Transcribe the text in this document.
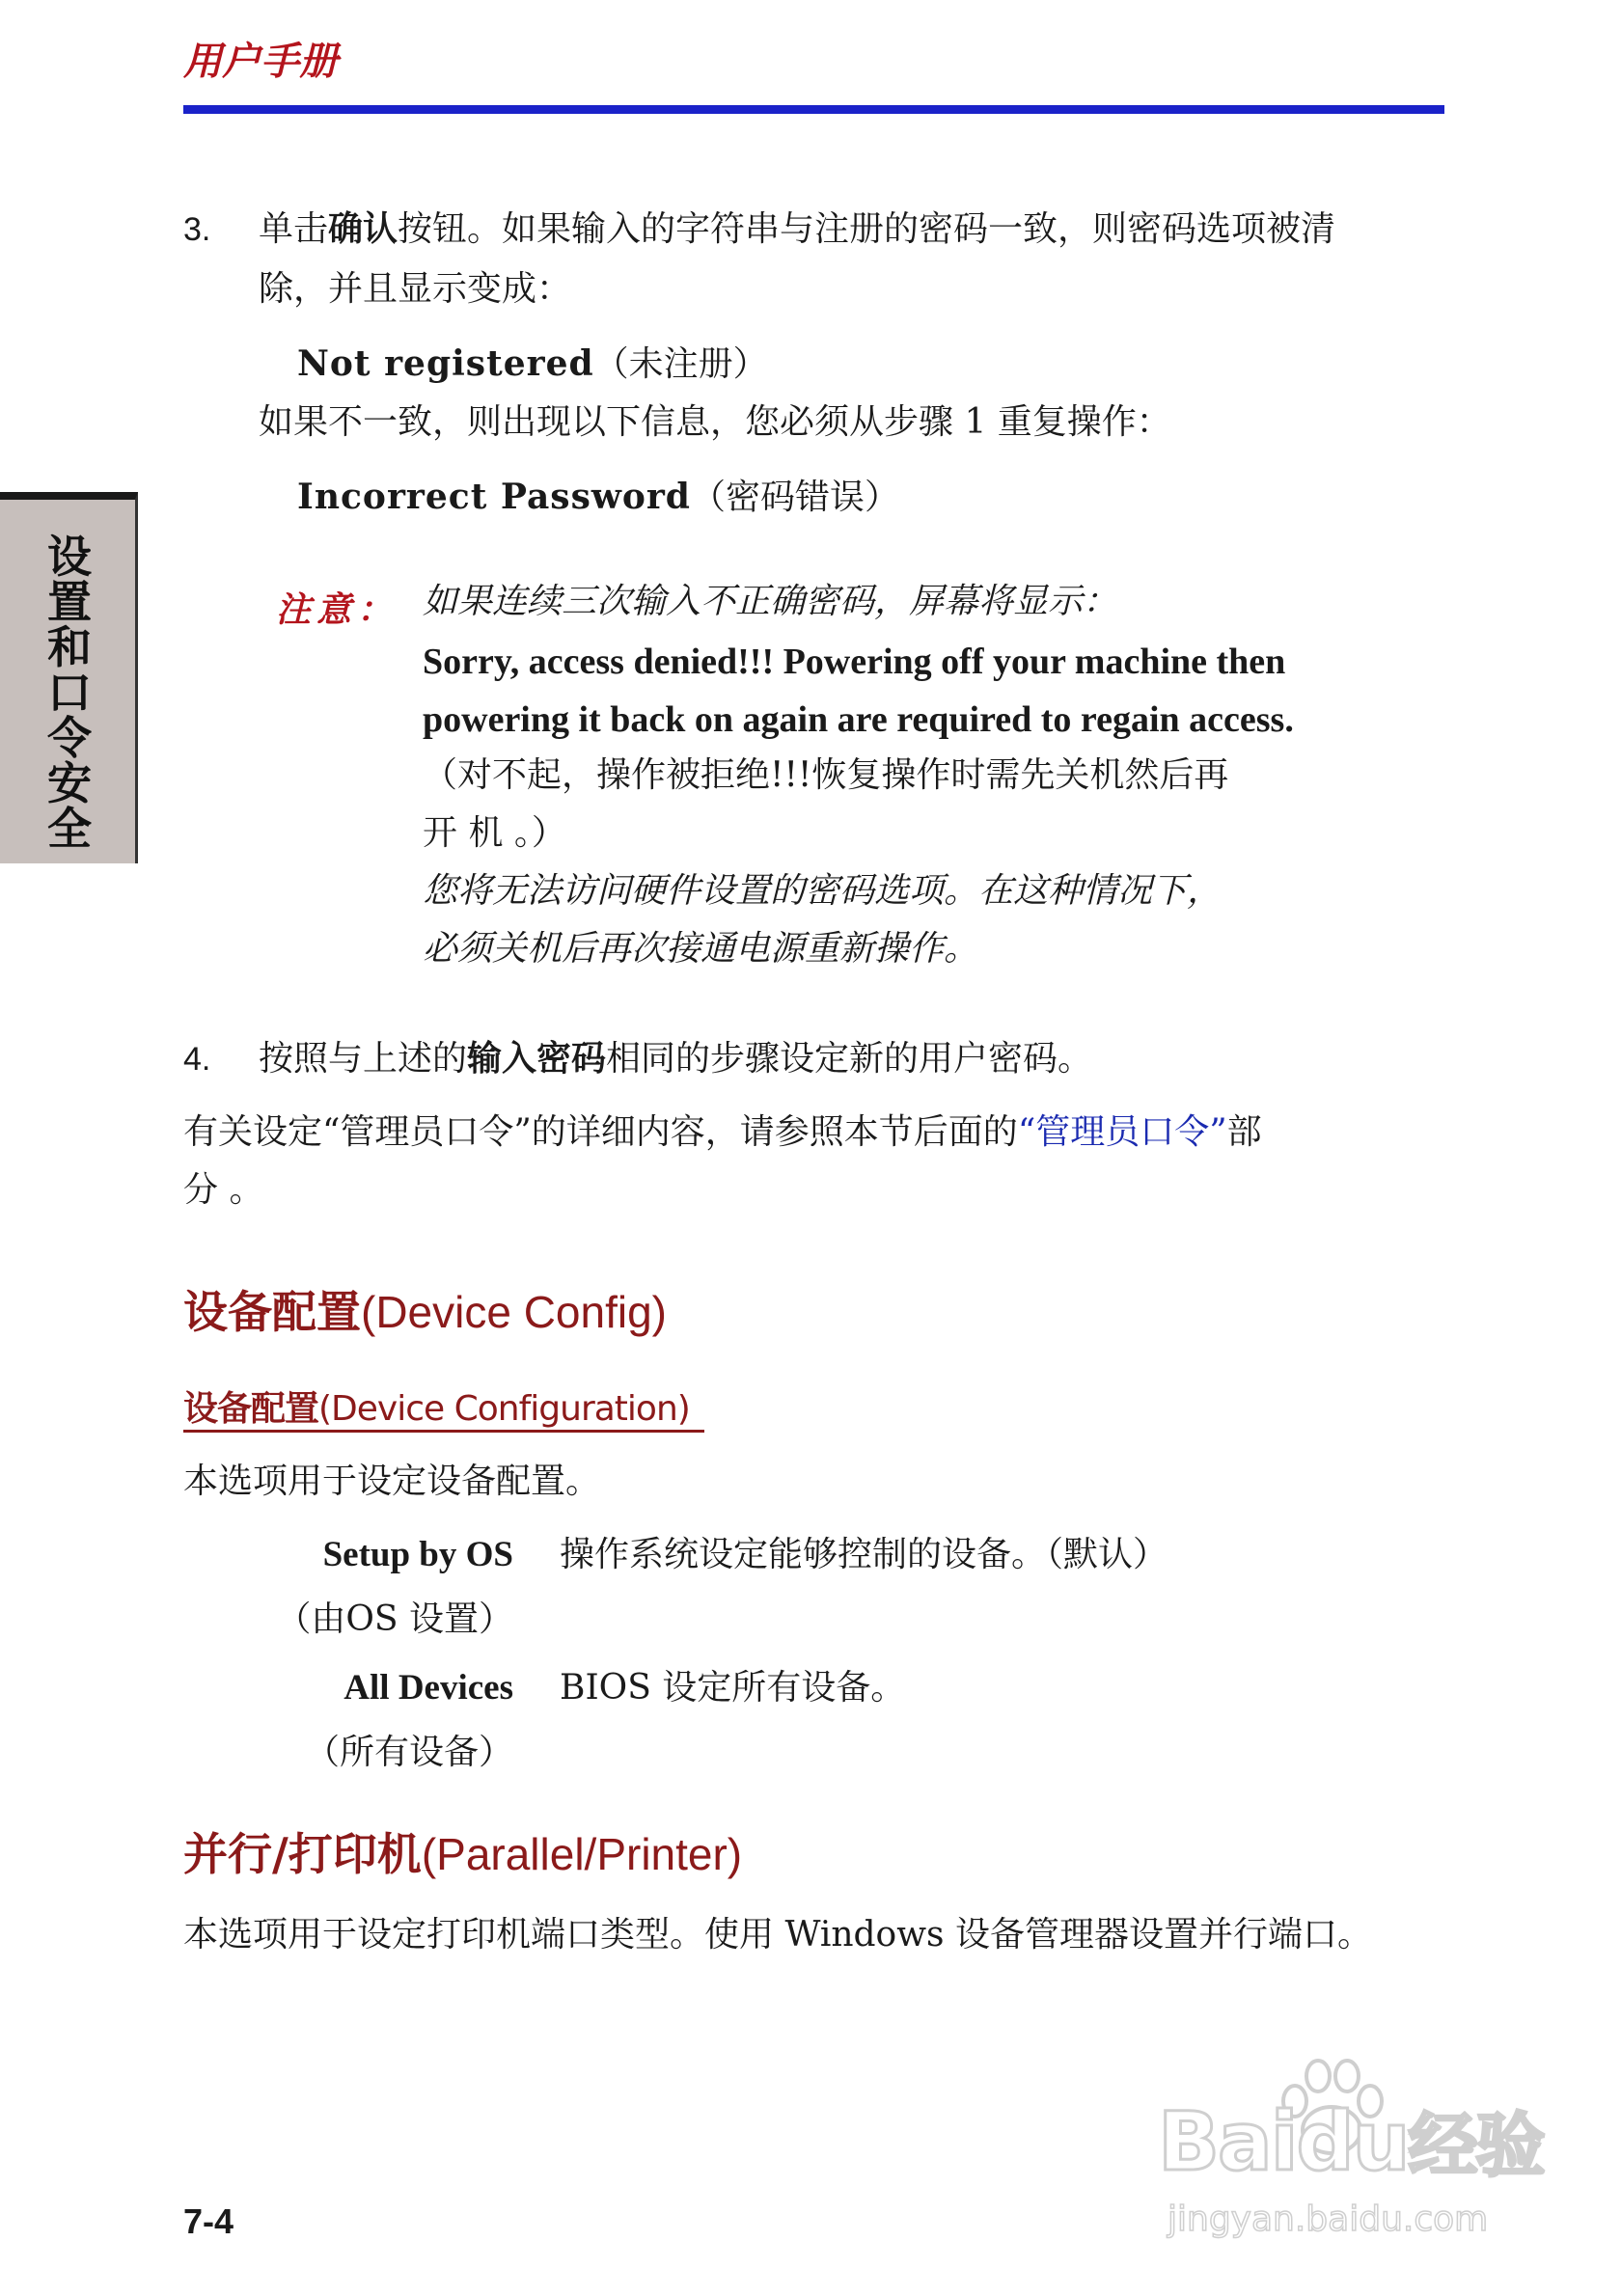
用户手册
设置和口令安全
3. 单击确认按钮。如果输入的字符串与注册的密码一致，则密码选项被清
除，并且显示变成：
Not registered（未注册）
如果不一致，则出现以下信息，您必须从步骤 1 重复操作：
Incorrect Password（密码错误）
注意： 如果连续三次输入不正确密码，屏幕将显示：
Sorry, access denied!!! Powering off your machine then
powering it back on again are required to regain access.
（对不起，操作被拒绝!!!恢复操作时需先关机然后再
开 机 。）
您将无法访问硬件设置的密码选项。在这种情况下，
必须关机后再次接通电源重新操作。
4. 按照与上述的输入密码相同的步骤设定新的用户密码。
有关设定“管理员口令”的详细内容，请参照本节后面的“管理员口令”部
分 。
设备配置(Device Config)
设备配置(Device Configuration)
本选项用于设定设备配置。
Setup by OS
（由OS 设置）
操作系统设定能够控制的设备。（默认）
All Devices
（所有设备）
BIOS 设定所有设备。
并行/打印机(Parallel/Printer)
本选项用于设定打印机端口类型。使用 Windows 设备管理器设置并行端口。
7-4
Baidu经验
jingyan.baidu.com
